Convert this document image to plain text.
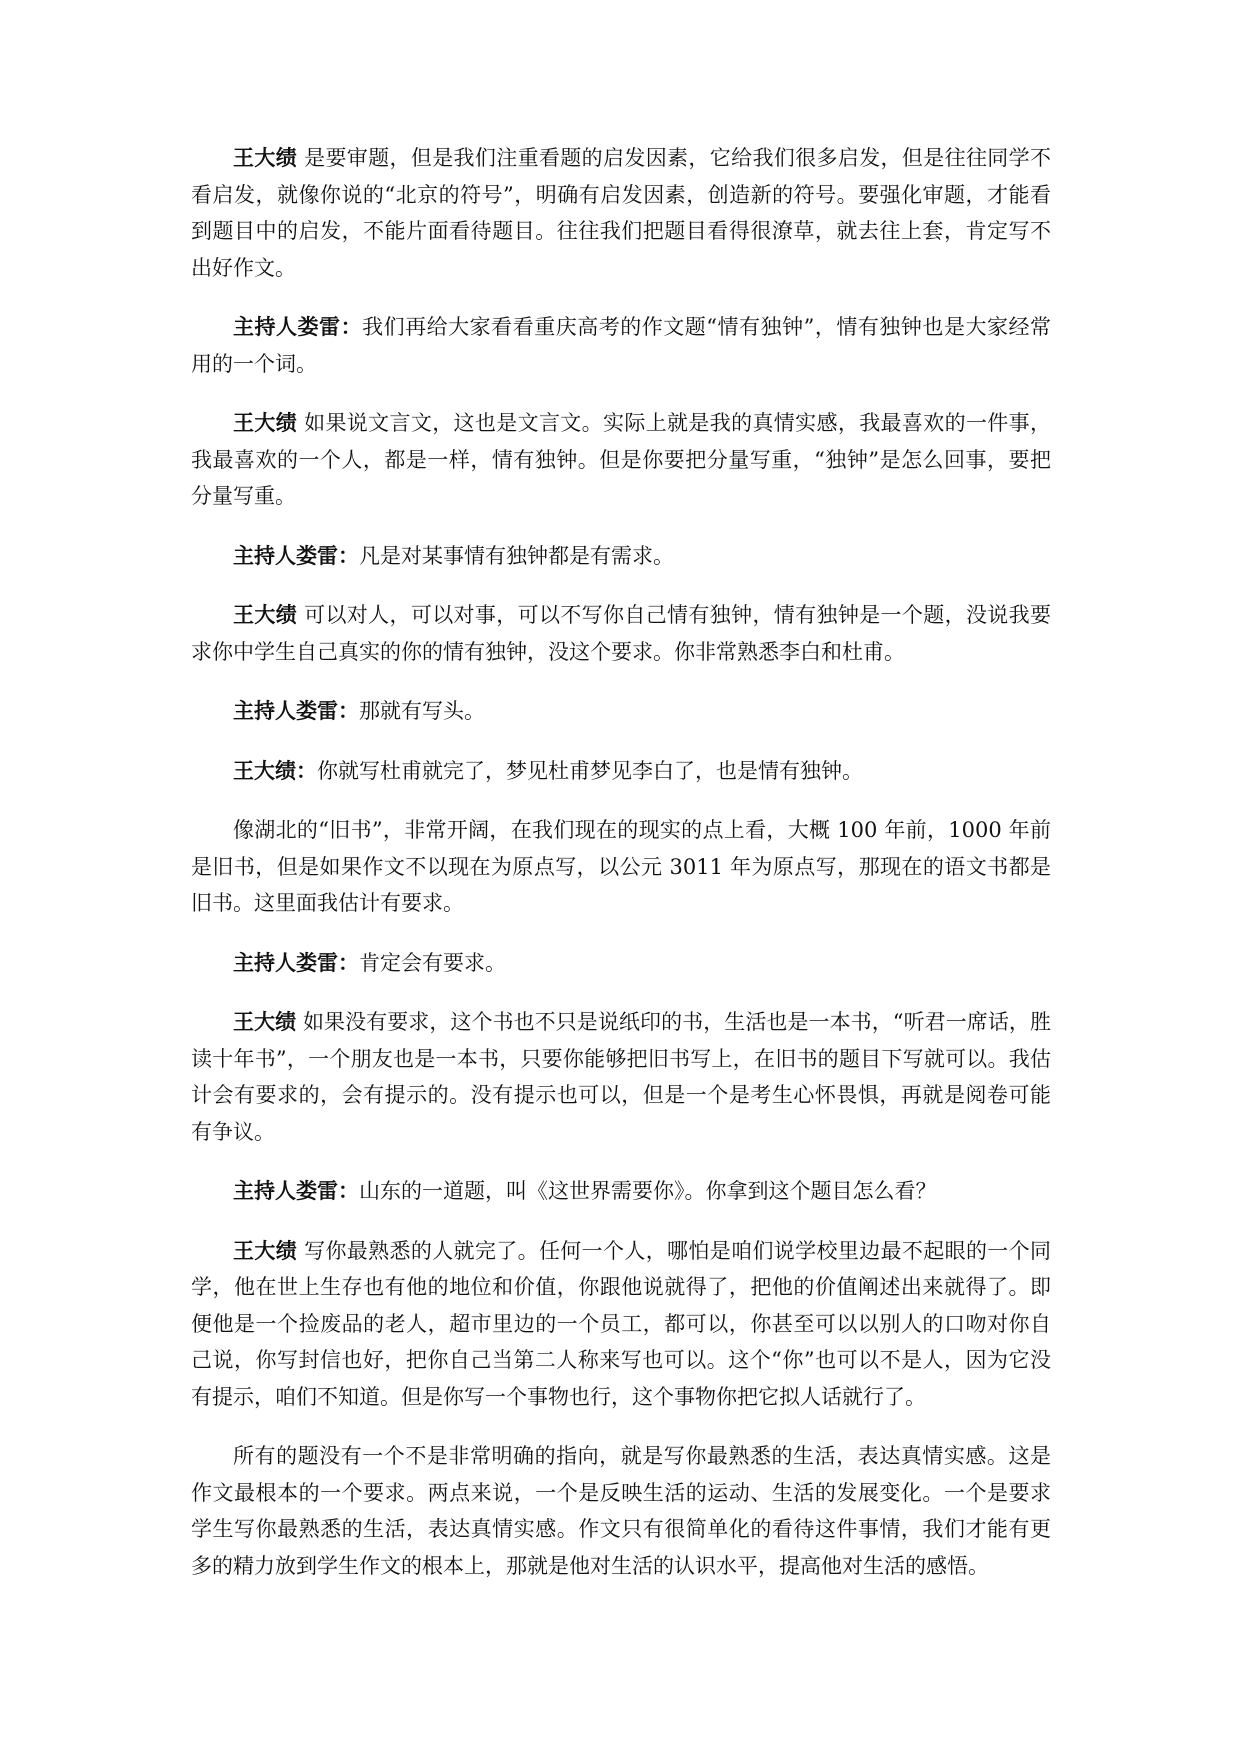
王大绩 是要审题，但是我们注重看题的启发因素，它给我们很多启发，但是往往同学不看启发，就像你说的“北京的符号”，明确有启发因素，创造新的符号。要强化审题，才能看到题目中的启发，不能片面看待题目。往往我们把题目看得很潦草，就去往上套，肯定写不出好作文。

主持人娄雷：我们再给大家看看重庆高考的作文题“情有独钟”，情有独钟也是大家经常用的一个词。

王大绩 如果说文言文，这也是文言文。实际上就是我的真情实感，我最喜欢的一件事，我最喜欢的一个人，都是一样，情有独钟。但是你要把分量写重，“独钟”是怎么回事，要把分量写重。

主持人娄雷：凡是对某事情有独钟都是有需求。

王大绩 可以对人，可以对事，可以不写你自己情有独钟，情有独钟是一个题，没说我要求你中学生自己真实的你的情有独钟，没这个要求。你非常熟悉李白和杜甫。

主持人娄雷：那就有写头。

王大绩：你就写杜甫就完了，梦见杜甫梦见李白了，也是情有独钟。

像湖北的“旧书”，非常开阔，在我们现在的现实的点上看，大概 100 年前，1000 年前是旧书，但是如果作文不以现在为原点写，以公元 3011 年为原点写，那现在的语文书都是旧书。这里面我估计有要求。

主持人娄雷：肯定会有要求。

王大绩 如果没有要求，这个书也不只是说纸印的书，生活也是一本书，“听君一席话，胜读十年书”，一个朋友也是一本书，只要你能够把旧书写上，在旧书的题目下写就可以。我估计会有要求的，会有提示的。没有提示也可以，但是一个是考生心怀畏惧，再就是阅卷可能有争议。

主持人娄雷：山东的一道题，叫《这世界需要你》。你拿到这个题目怎么看？

王大绩 写你最熟悉的人就完了。任何一个人，哪怕是咱们说学校里边最不起眼的一个同学，他在世上生存也有他的地位和价值，你跟他说就得了，把他的价值阐述出来就得了。即便他是一个捡废品的老人，超市里边的一个员工，都可以，你甚至可以以别人的口吻对你自己说，你写封信也好，把你自己当第二人称来写也可以。这个“你”也可以不是人，因为它没有提示，咱们不知道。但是你写一个事物也行，这个事物你把它拟人话就行了。

所有的题没有一个不是非常明确的指向，就是写你最熟悉的生活，表达真情实感。这是作文最根本的一个要求。两点来说，一个是反映生活的运动、生活的发展变化。一个是要求学生写你最熟悉的生活，表达真情实感。作文只有很简单化的看待这件事情，我们才能有更多的精力放到学生作文的根本上，那就是他对生活的认识水平，提高他对生活的感悟。
